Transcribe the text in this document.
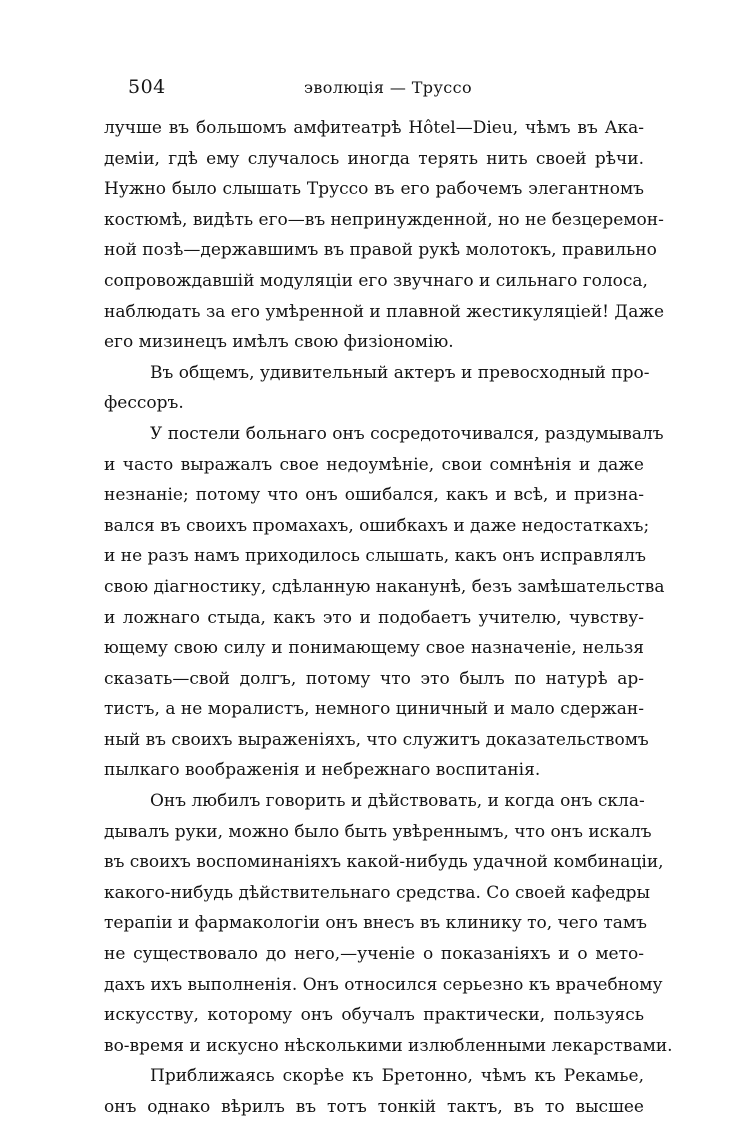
504	эволюція — Труссо
лучше въ большомъ амфитеатрѣ Hôtel—Dieu, чѣмъ въ Ака-
деміи, гдѣ ему случалось иногда терять нить своей рѣчи.
Нужно было слышать Труссо въ его рабочемъ элегантномъ
костюмѣ, видѣть его—въ непринужденной, но не безцеремон-
ной позѣ—державшимъ въ правой рукѣ молотокъ, правильно
сопровождавшій модуляціи его звучнаго и сильнаго голоса,
наблюдать за его умѣренной и плавной жестикуляціей! Даже
его мизинецъ имѣлъ свою физіономію.
Въ общемъ, удивительный актеръ и превосходный про-
фессоръ.
У постели больнаго онъ сосредоточивался, раздумывалъ
и часто выражалъ свое недоумѣніе, свои сомнѣнія и даже
незнаніе; потому что онъ ошибался, какъ и всѣ, и призна-
вался въ своихъ промахахъ, ошибкахъ и даже недостаткахъ;
и не разъ намъ приходилось слышать, какъ онъ исправлялъ
свою діагностику, сдѣланную наканунѣ, безъ замѣшательства
и ложнаго стыда, какъ это и подобаетъ учителю, чувству-
ющему свою силу и понимающему свое назначеніе, нельзя
сказать—свой долгъ, потому что это былъ по натурѣ ар-
тистъ, а не моралистъ, немного циничный и мало сдержан-
ный въ своихъ выраженіяхъ, что служитъ доказательствомъ
пылкаго воображенія и небрежнаго воспитанія.
Онъ любилъ говорить и дѣйствовать, и когда онъ скла-
дывалъ руки, можно было быть увѣреннымъ, что онъ искалъ
въ своихъ воспоминаніяхъ какой-нибудь удачной комбинаціи,
какого-нибудь дѣйствительнаго средства. Со своей кафедры
терапіи и фармакологіи онъ внесъ въ клинику то, чего тамъ
не существовало до него,—ученіе о показаніяхъ и о мето-
дахъ ихъ выполненія. Онъ относился серьезно къ врачебному
искусству, которому онъ обучалъ практически, пользуясь
во-время и искусно нѣсколькими излюбленными лекарствами.
Приближаясь скорѣе къ Бретонно, чѣмъ къ Рекамье,
онъ однако вѣрилъ въ тотъ тонкій тактъ, въ то высшее
